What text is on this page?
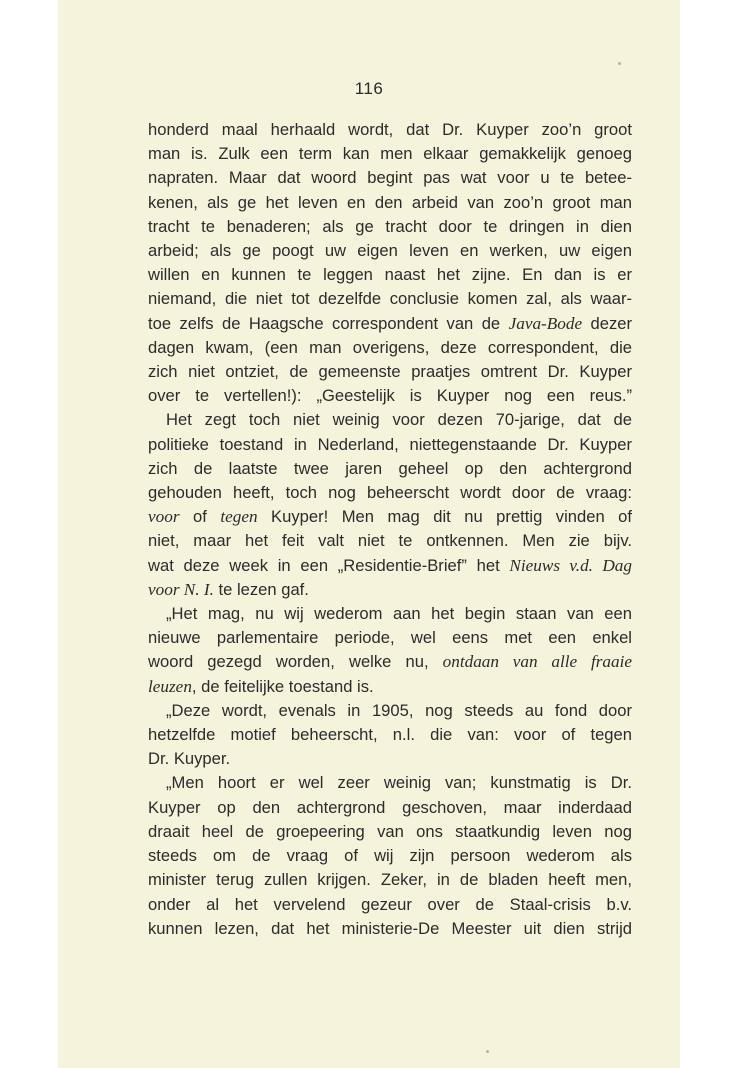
116
honderd maal herhaald wordt, dat Dr. Kuyper zoo’n groot
man is. Zulk een term kan men elkaar gemakkelijk genoeg
napraten. Maar dat woord begint pas wat voor u te betee-
kenen, als ge het leven en den arbeid van zoo’n groot man
tracht te benaderen; als ge tracht door te dringen in dien
arbeid; als ge poogt uw eigen leven en werken, uw eigen
willen en kunnen te leggen naast het zijne. En dan is er
niemand, die niet tot dezelfde conclusie komen zal, als waar-
toe zelfs de Haagsche correspondent van de Java-Bode dezer
dagen kwam, (een man overigens, deze correspondent, die
zich niet ontziet, de gemeenste praatjes omtrent Dr. Kuyper
over te vertellen!): „Geestelijk is Kuyper nog een reus.”
Het zegt toch niet weinig voor dezen 70-jarige, dat de
politieke toestand in Nederland, niettegenstaande Dr. Kuyper
zich de laatste twee jaren geheel op den achtergrond
gehouden heeft, toch nog beheerscht wordt door de vraag:
voor of tegen Kuyper! Men mag dit nu prettig vinden of
niet, maar het feit valt niet te ontkennen. Men zie bijv.
wat deze week in een „Residentie-Brief” het Nieuws v.d. Dag
voor N. I. te lezen gaf.
„Het mag, nu wij wederom aan het begin staan van een
nieuwe parlementaire periode, wel eens met een enkel
woord gezegd worden, welke nu, ontdaan van alle fraaie
leuzen, de feitelijke toestand is.
„Deze wordt, evenals in 1905, nog steeds au fond door
hetzelfde motief beheerscht, n.l. die van: voor of tegen
Dr. Kuyper.
„Men hoort er wel zeer weinig van; kunstmatig is Dr.
Kuyper op den achtergrond geschoven, maar inderdaad
draait heel de groepeering van ons staatkundig leven nog
steeds om de vraag of wij zijn persoon wederom als
minister terug zullen krijgen. Zeker, in de bladen heeft men,
onder al het vervelend gezeur over de Staal-crisis b.v.
kunnen lezen, dat het ministerie-De Meester uit dien strijd
